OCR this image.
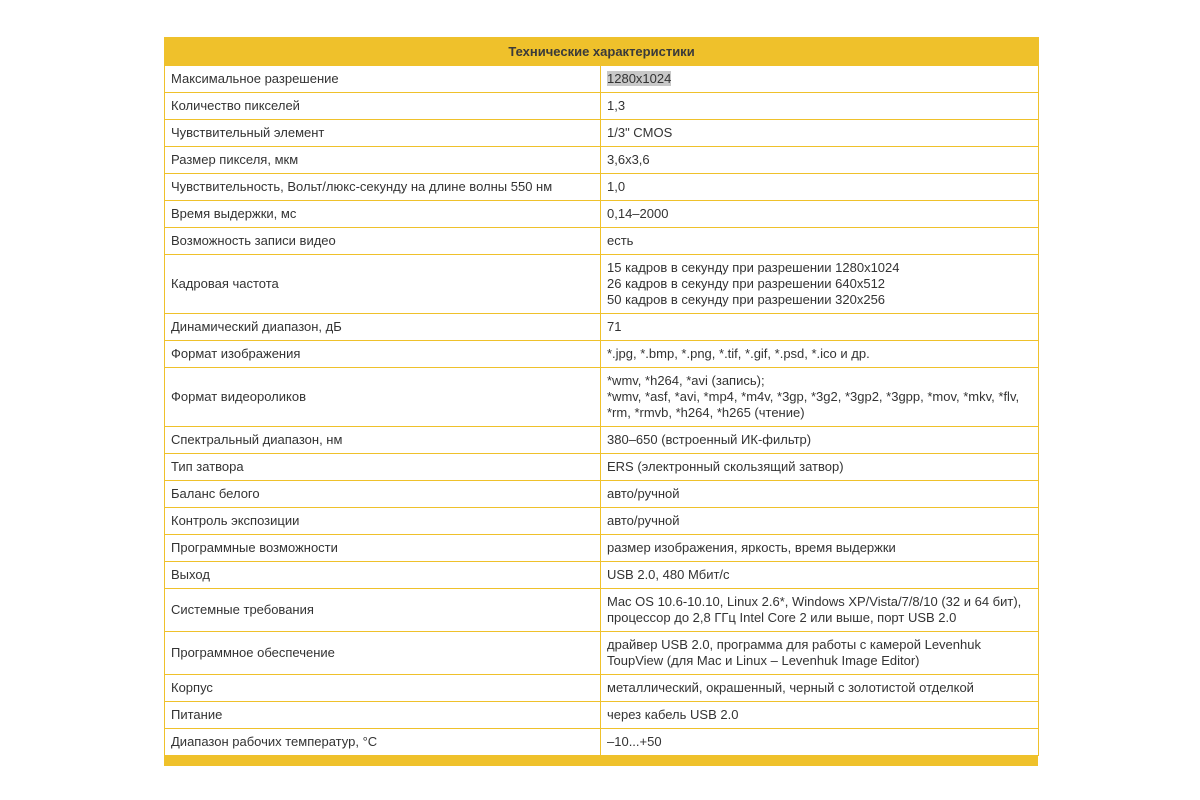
Технические характеристики	
Максимальное разрешение	1280x1024
Количество пикселей	1,3
Чувствительный элемент	1/3" CMOS
Размер пикселя, мкм	3,6x3,6
Чувствительность, Вольт/люкс-секунду на длине волны 550 нм	1,0
Время выдержки, мс	0,14–2000
Возможность записи видео	есть
Кадровая частота	15 кадров в секунду при разрешении 1280x1024
26 кадров в секунду при разрешении 640x512
50 кадров в секунду при разрешении 320x256
Динамический диапазон, дБ	71
Формат изображения	*.jpg, *.bmp, *.png, *.tif, *.gif, *.psd, *.ico и др.
Формат видеороликов	*wmv, *h264, *avi (запись);
*wmv, *asf, *avi, *mp4, *m4v, *3gp, *3g2, *3gp2, *3gpp, *mov, *mkv, *flv, *rm, *rmvb, *h264, *h265 (чтение)
Спектральный диапазон, нм	380–650 (встроенный ИК-фильтр)
Тип затвора	ERS (электронный скользящий затвор)
Баланс белого	авто/ручной
Контроль экспозиции	авто/ручной
Программные возможности	размер изображения, яркость, время выдержки
Выход	USB 2.0, 480 Мбит/с
Системные требования	Mac OS 10.6-10.10, Linux 2.6*, Windows XP/Vista/7/8/10 (32 и 64 бит), процессор до 2,8 ГГц Intel Core 2 или выше, порт USB 2.0
Программное обеспечение	драйвер USB 2.0, программа для работы с камерой Levenhuk ToupView (для Mac и Linux – Levenhuk Image Editor)
Корпус	металлический, окрашенный, черный с золотистой отделкой
Питание	через кабель USB 2.0
Диапазон рабочих температур, °C	–10...+50
